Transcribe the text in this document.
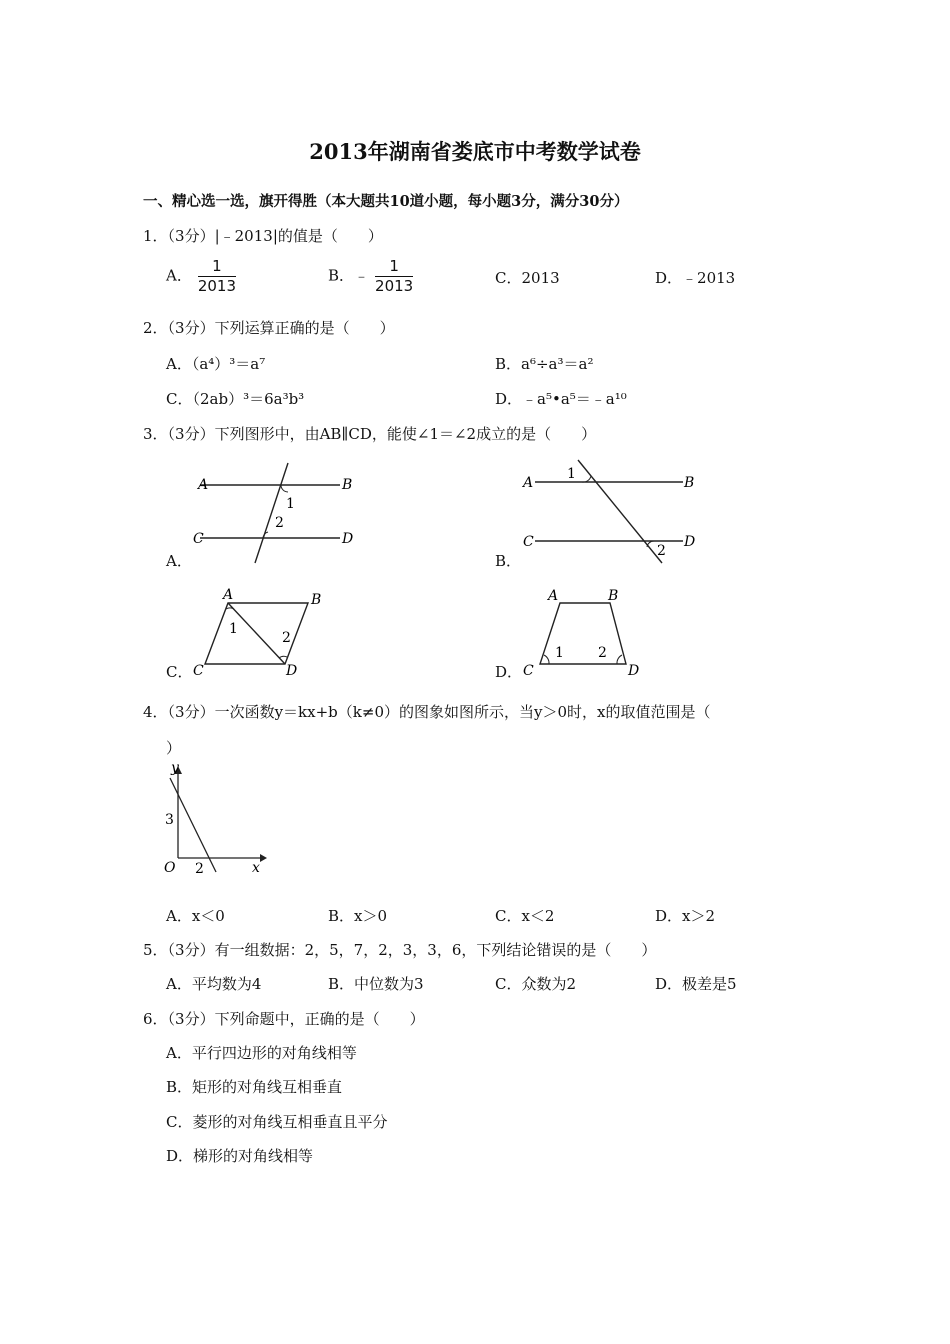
2013年湖南省娄底市中考数学试卷
一、精心选一选，旗开得胜（本大题共10道小题，每小题3分，满分30分）
1．（3分）|﹣2013|的值是（　　）
A． $\frac{1}{2013}$	B．﹣ $\frac{1}{2013}$	C．2013	D．﹣2013
2．（3分）下列运算正确的是（　　）
A．（a⁴）³＝a⁷	B．a⁶÷a³＝a²
C．（2ab）³＝6a³b³	D．﹣a⁵•a⁵＝﹣a¹⁰
3．（3分）下列图形中，由AB∥CD，能使∠1＝∠2成立的是（　　）
A	B
C	D
1
2
A．
A	B
C	D
1
2
B．
A	B
C	D
1
2
C．
A	B
C	D
1 2
D．
4．（3分）一次函数y＝kx+b（k≠0）的图象如图所示，当y＞0时，x的取值范围是（
）
y
x
O
3
2
A．x＜0	B．x＞0	C．x＜2	D．x＞2
5．（3分）有一组数据：2，5，7，2，3，3，6，下列结论错误的是（　　）
A．平均数为4	B．中位数为3	C．众数为2	D．极差是5
6．（3分）下列命题中，正确的是（　　）
A．平行四边形的对角线相等
B．矩形的对角线互相垂直
C．菱形的对角线互相垂直且平分
D．梯形的对角线相等
